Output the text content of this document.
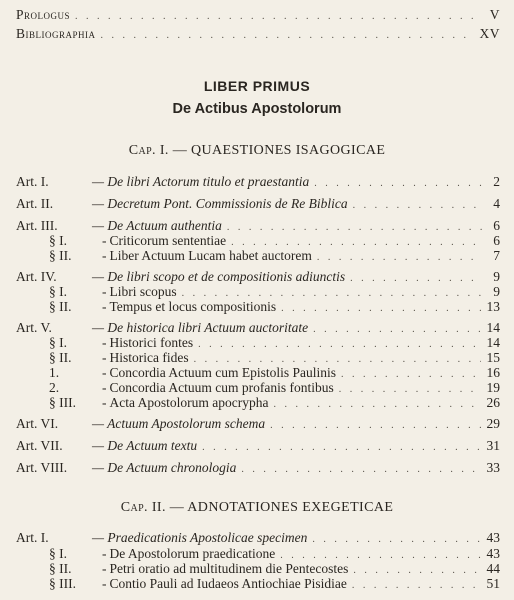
Prologus . . .	V
Bibliographia . . .	XV
LIBER PRIMUS
De Actibus Apostolorum
Cap. I. — QUAESTIONES ISAGOGICAE
Art. I.	— De libri Actorum titulo et praestantia . . .	2
Art. II.	— Decretum Pont. Commissionis de Re Biblica . . .	4
Art. III.	— De Actuum authentia . . .	6
§ I.	- Criticorum sententiae . . .	6
§ II.	- Liber Actuum Lucam habet auctorem . . .	7
Art. IV.	— De libri scopo et de compositionis adiunctis . . .	9
§ I.	- Libri scopus . . .	9
§ II.	- Tempus et locus compositionis . . .	13
Art. V.	— De historica libri Actuum auctoritate . . .	14
§ I.	- Historici fontes . . .	14
§ II.	- Historica fides . . .	15
1.	- Concordia Actuum cum Epistolis Paulinis . . .	16
2.	- Concordia Actuum cum profanis fontibus . . .	19
§ III.	- Acta Apostolorum apocrypha . . .	26
Art. VI.	— Actuum Apostolorum schema . . .	29
Art. VII.	— De Actuum textu . . .	31
Art. VIII.	— De Actuum chronologia . . .	33
Cap. II. — ADNOTATIONES EXEGETICAE
Art. I.	— Praedicationis Apostolicae specimen . . .	43
§ I.	- De Apostolorum praedicatione . . .	43
§ II.	- Petri oratio ad multitudinem die Pentecostes . . .	44
§ III.	- Contio Pauli ad Iudaeos Antiochiae Pisidiae . . .	51
